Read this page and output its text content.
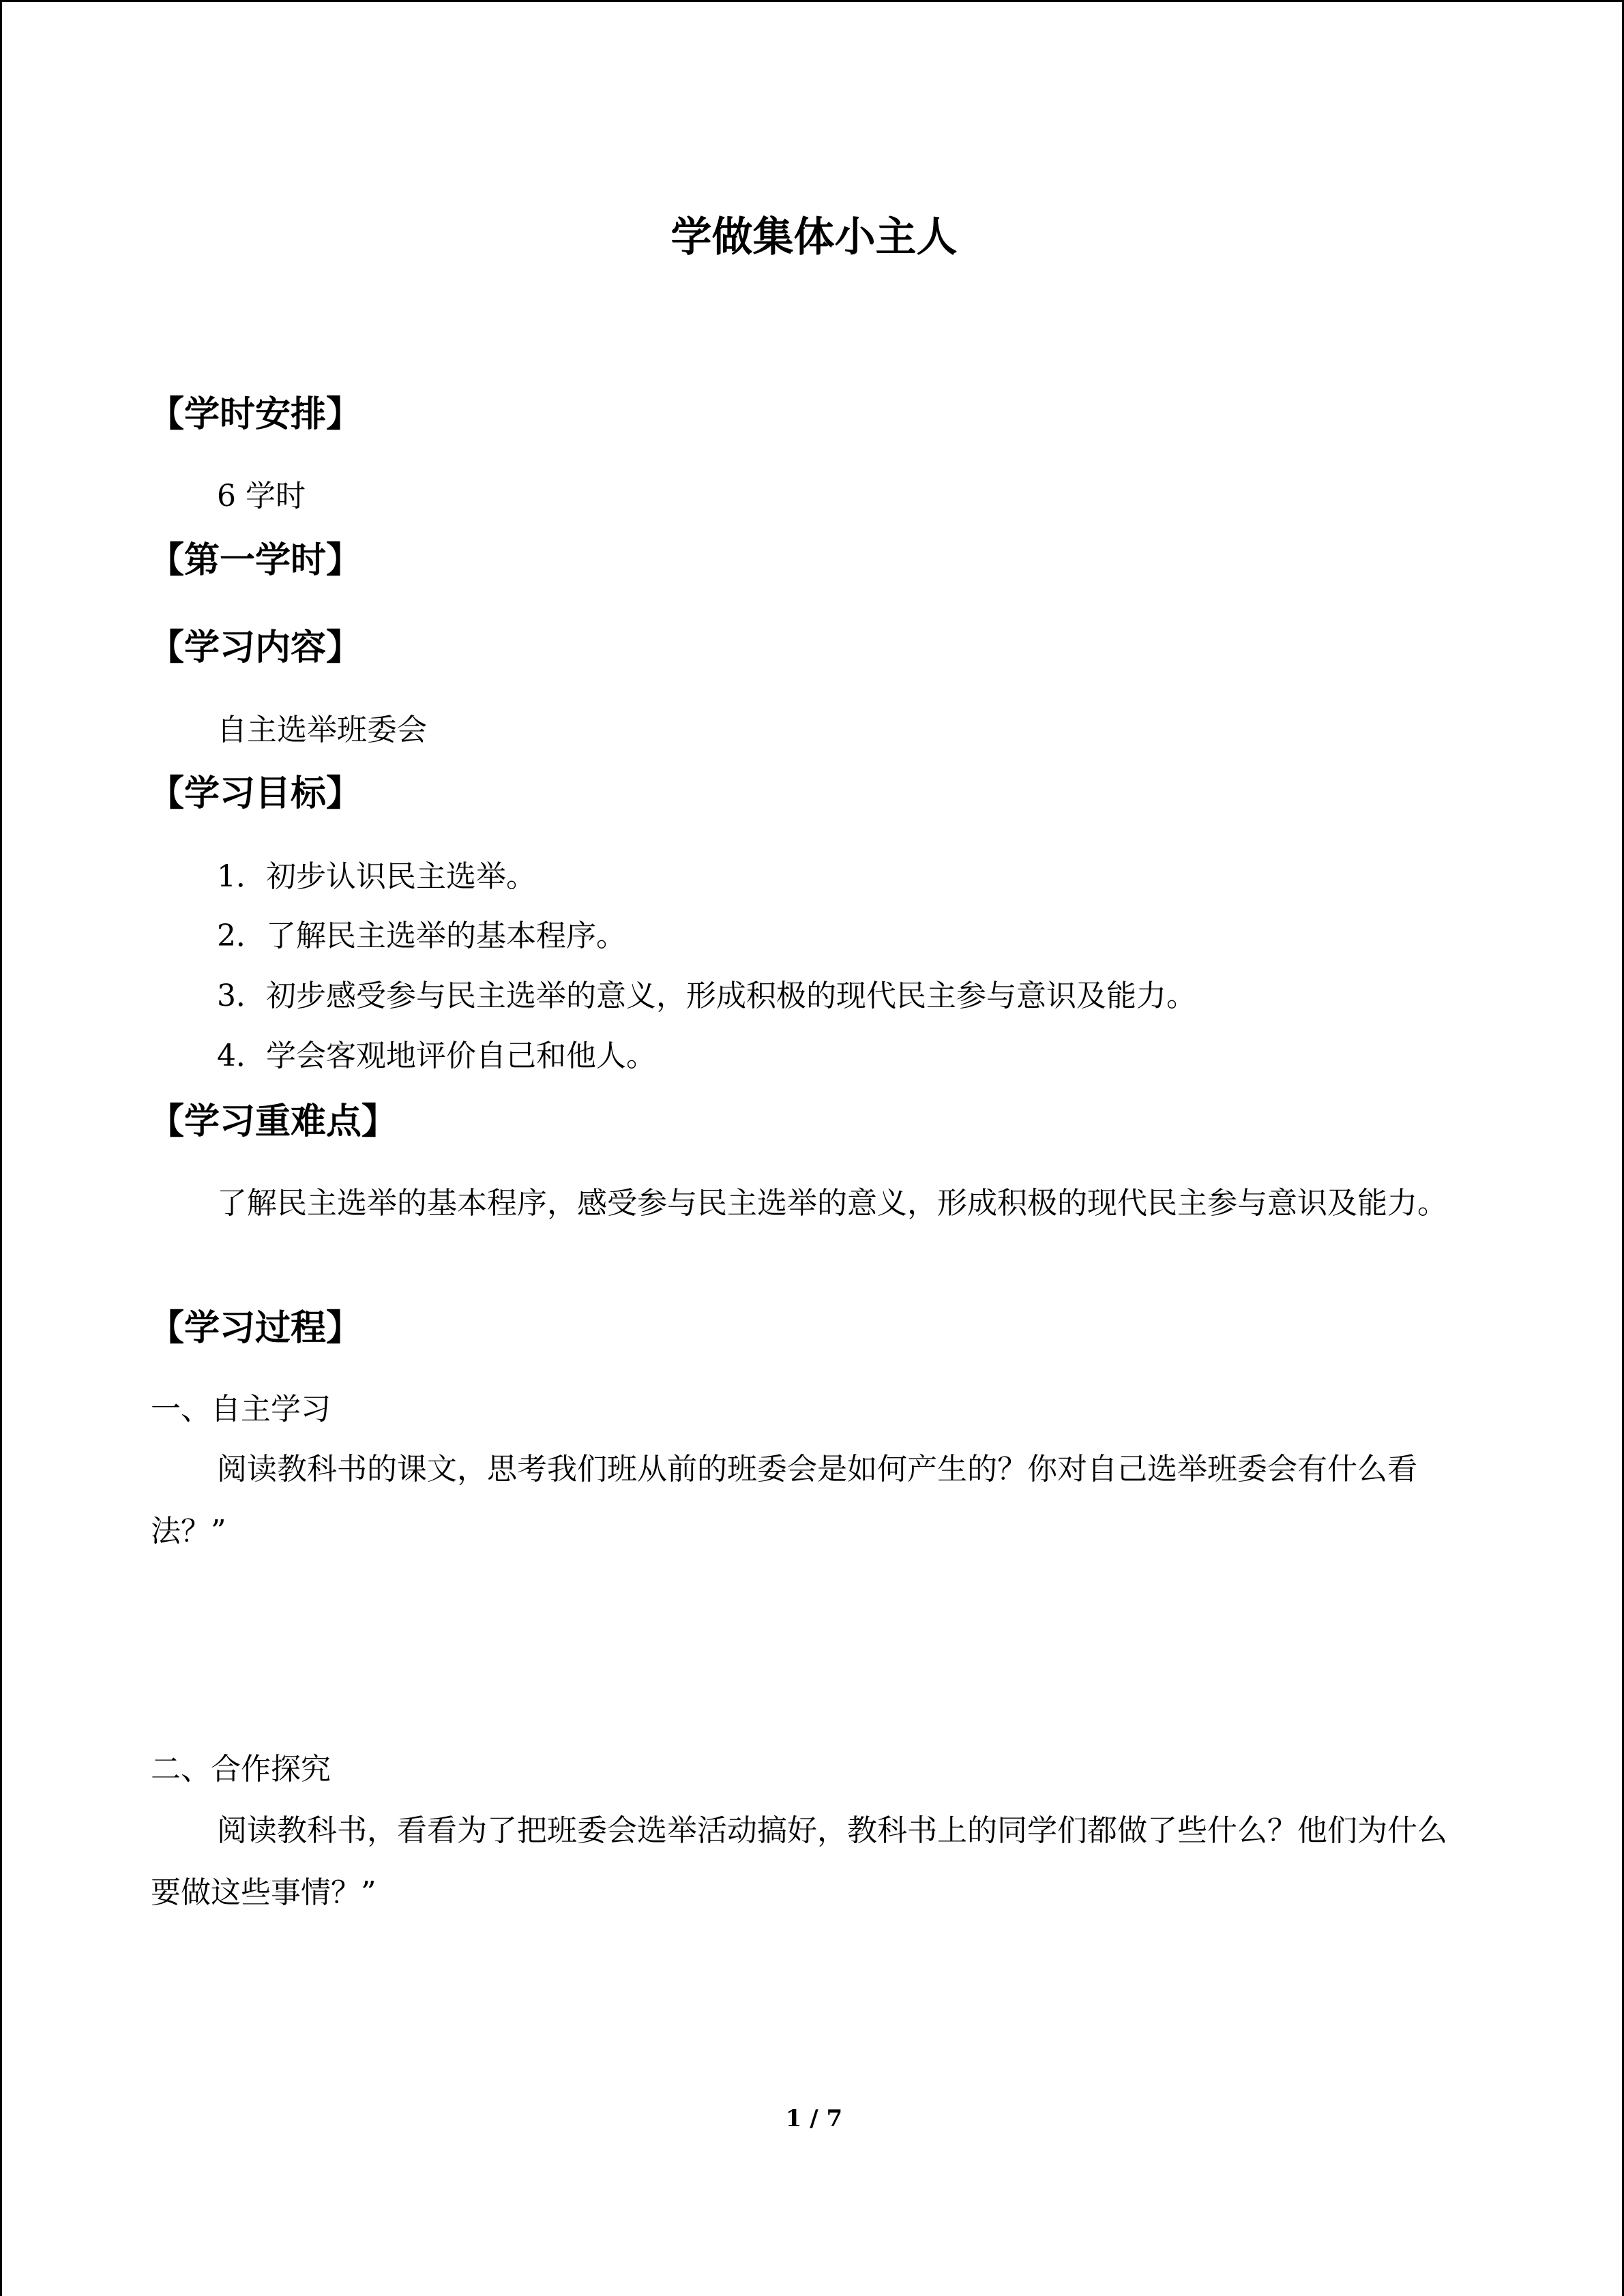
学做集体小主人
【学时安排】
6 学时
【第一学时】
【学习内容】
自主选举班委会
【学习目标】
1．初步认识民主选举。
2．了解民主选举的基本程序。
3．初步感受参与民主选举的意义，形成积极的现代民主参与意识及能力。
4．学会客观地评价自己和他人。
【学习重难点】

了解民主选举的基本程序，感受参与民主选举的意义，形成积极的现代民主参与意识及能力。

【学习过程】
一、自主学习

阅读教科书的课文，思考我们班从前的班委会是如何产生的？你对自己选举班委会有什么看法？”

二、合作探究

阅读教科书，看看为了把班委会选举活动搞好，教科书上的同学们都做了些什么？他们为什么要做这些事情？”

1 / 7
